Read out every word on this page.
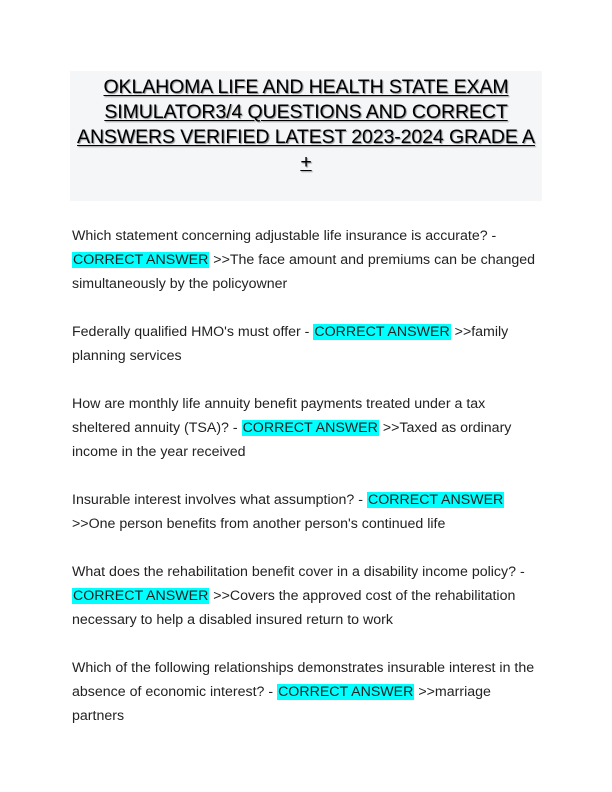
OKLAHOMA LIFE AND HEALTH STATE EXAM SIMULATOR3/4 QUESTIONS AND CORRECT ANSWERS VERIFIED LATEST 2023-2024 GRADE A +

Which statement concerning adjustable life insurance is accurate? - CORRECT ANSWER >>The face amount and premiums can be changed simultaneously by the policyowner

Federally qualified HMO's must offer - CORRECT ANSWER >>family planning services

How are monthly life annuity benefit payments treated under a tax sheltered annuity (TSA)? - CORRECT ANSWER >>Taxed as ordinary income in the year received

Insurable interest involves what assumption? - CORRECT ANSWER >>One person benefits from another person's continued life

What does the rehabilitation benefit cover in a disability income policy? - CORRECT ANSWER >>Covers the approved cost of the rehabilitation necessary to help a disabled insured return to work

Which of the following relationships demonstrates insurable interest in the absence of economic interest? - CORRECT ANSWER >>marriage partners
